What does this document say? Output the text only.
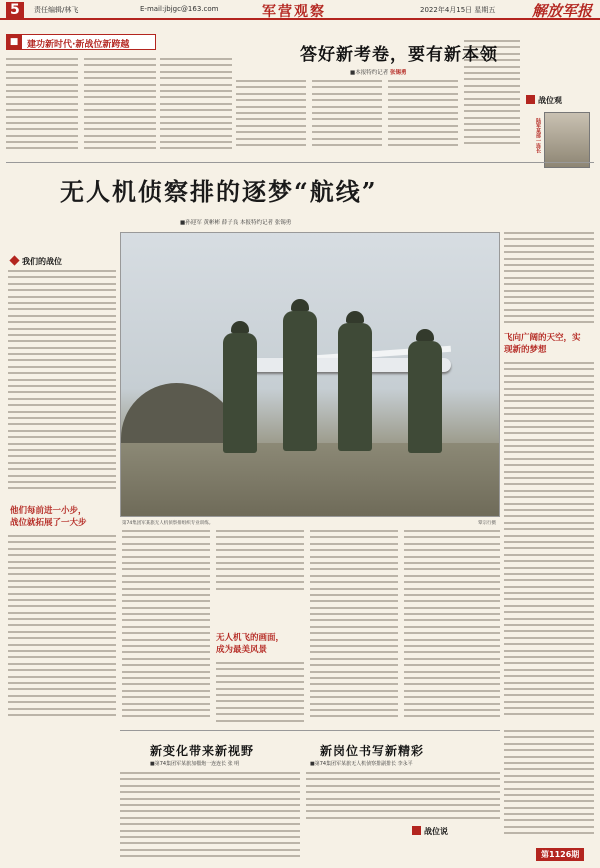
5	责任编辑/林飞	E-mail:jbjgc@163.com	军营观察	2022年4月15日 星期五 解放军报
■ 建功新时代·新战位新跨越	答好新考卷，要有新本领
■本报特约记者 张锡勇
战位观
陆军某部一连长
无人机侦察排的逐梦“航线”
■孙迎军 黄彬彬 薛子良 本报特约记者 张锡勇
我们的战位
他们每前进一小步，
战位就拓展了一大步	第74集团军某旅无人机侦察排组织专业训练。	覃宗行摄
飞向广阔的天空，实
现新的梦想
无人机飞的画面，
成为最美风景
新变化带来新视野
■第74集团军某旅加榴炮一连连长 张 明
新岗位书写新精彩
■第74集团军某旅无人机侦察排副排长 李永平
战位说
第1126期
